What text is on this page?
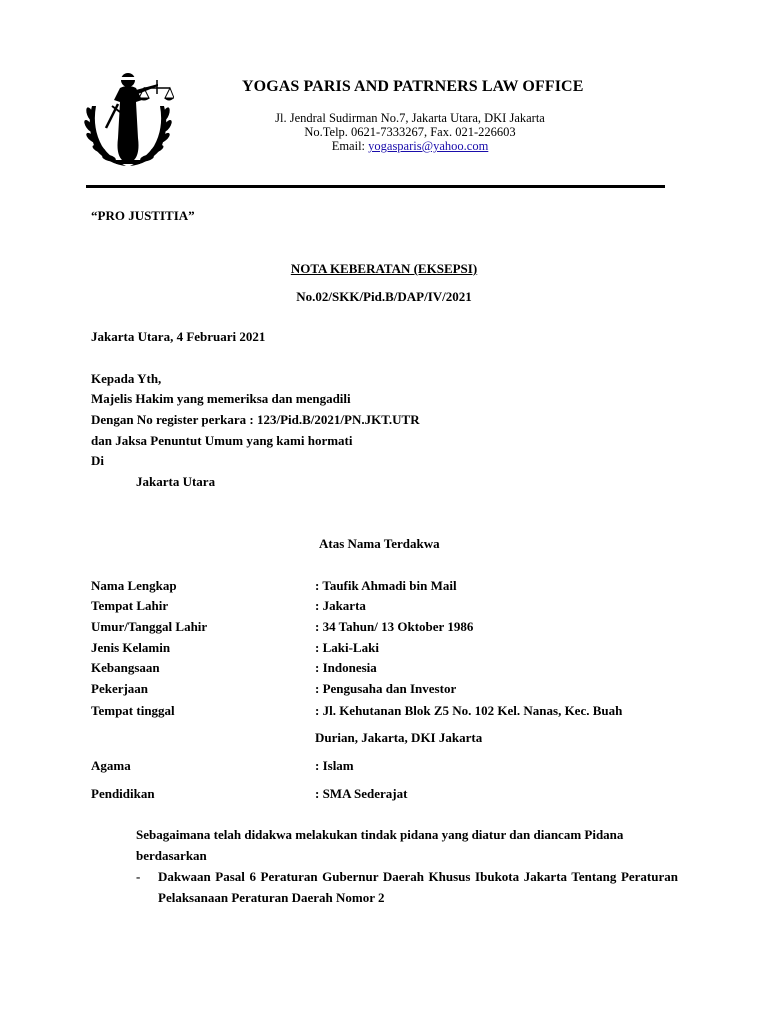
YOGAS PARIS AND PATRNERS LAW OFFICE
Jl. Jendral Sudirman No.7, Jakarta Utara, DKI Jakarta
No.Telp. 0621-7333267, Fax. 021-226603
Email: yogasparis@yahoo.com
“PRO JUSTITIA”
NOTA KEBERATAN (EKSEPSI)
No.02/SKK/Pid.B/DAP/IV/2021
Jakarta Utara, 4 Februari 2021
Kepada Yth,
Majelis Hakim yang memeriksa dan mengadili
Dengan No register perkara : 123/Pid.B/2021/PN.JKT.UTR
dan Jaksa Penuntut Umum yang kami hormati
Di
Jakarta Utara
Atas Nama Terdakwa
Nama Lengkap	: Taufik Ahmadi bin Mail
Tempat Lahir	: Jakarta
Umur/Tanggal Lahir	: 34 Tahun/ 13 Oktober 1986
Jenis Kelamin	: Laki-Laki
Kebangsaan	: Indonesia
Pekerjaan	: Pengusaha dan Investor
Tempat tinggal	: Jl. Kehutanan Blok Z5 No. 102 Kel. Nanas, Kec. Buah
Durian, Jakarta, DKI Jakarta
Agama	: Islam
Pendidikan	: SMA Sederajat
Sebagaimana telah didakwa melakukan tindak pidana yang diatur dan diancam Pidana berdasarkan
- Dakwaan Pasal 6 Peraturan Gubernur Daerah Khusus Ibukota Jakarta Tentang Peraturan Pelaksanaan Peraturan Daerah Nomor 2
